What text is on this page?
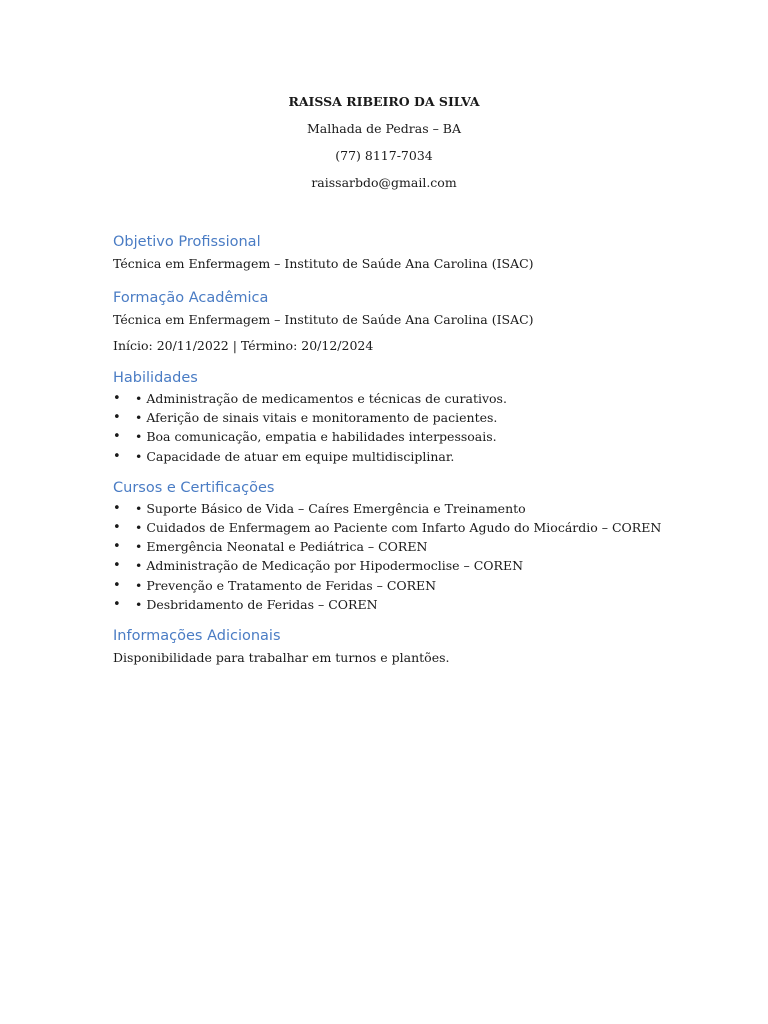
RAISSA RIBEIRO DA SILVA
Malhada de Pedras – BA
(77) 8117-7034
raissarbdo@gmail.com
Objetivo Profissional
Técnica em Enfermagem – Instituto de Saúde Ana Carolina (ISAC)
Formação Acadêmica
Técnica em Enfermagem – Instituto de Saúde Ana Carolina (ISAC)
Início: 20/11/2022 | Término: 20/12/2024
Habilidades
• • Administração de medicamentos e técnicas de curativos.
• • Aferição de sinais vitais e monitoramento de pacientes.
• • Boa comunicação, empatia e habilidades interpessoais.
• • Capacidade de atuar em equipe multidisciplinar.
Cursos e Certificações
• • Suporte Básico de Vida – Caíres Emergência e Treinamento
• • Cuidados de Enfermagem ao Paciente com Infarto Agudo do Miocárdio – COREN
• • Emergência Neonatal e Pediátrica – COREN
• • Administração de Medicação por Hipodermoclise – COREN
• • Prevenção e Tratamento de Feridas – COREN
• • Desbridamento de Feridas – COREN
Informações Adicionais
Disponibilidade para trabalhar em turnos e plantões.
